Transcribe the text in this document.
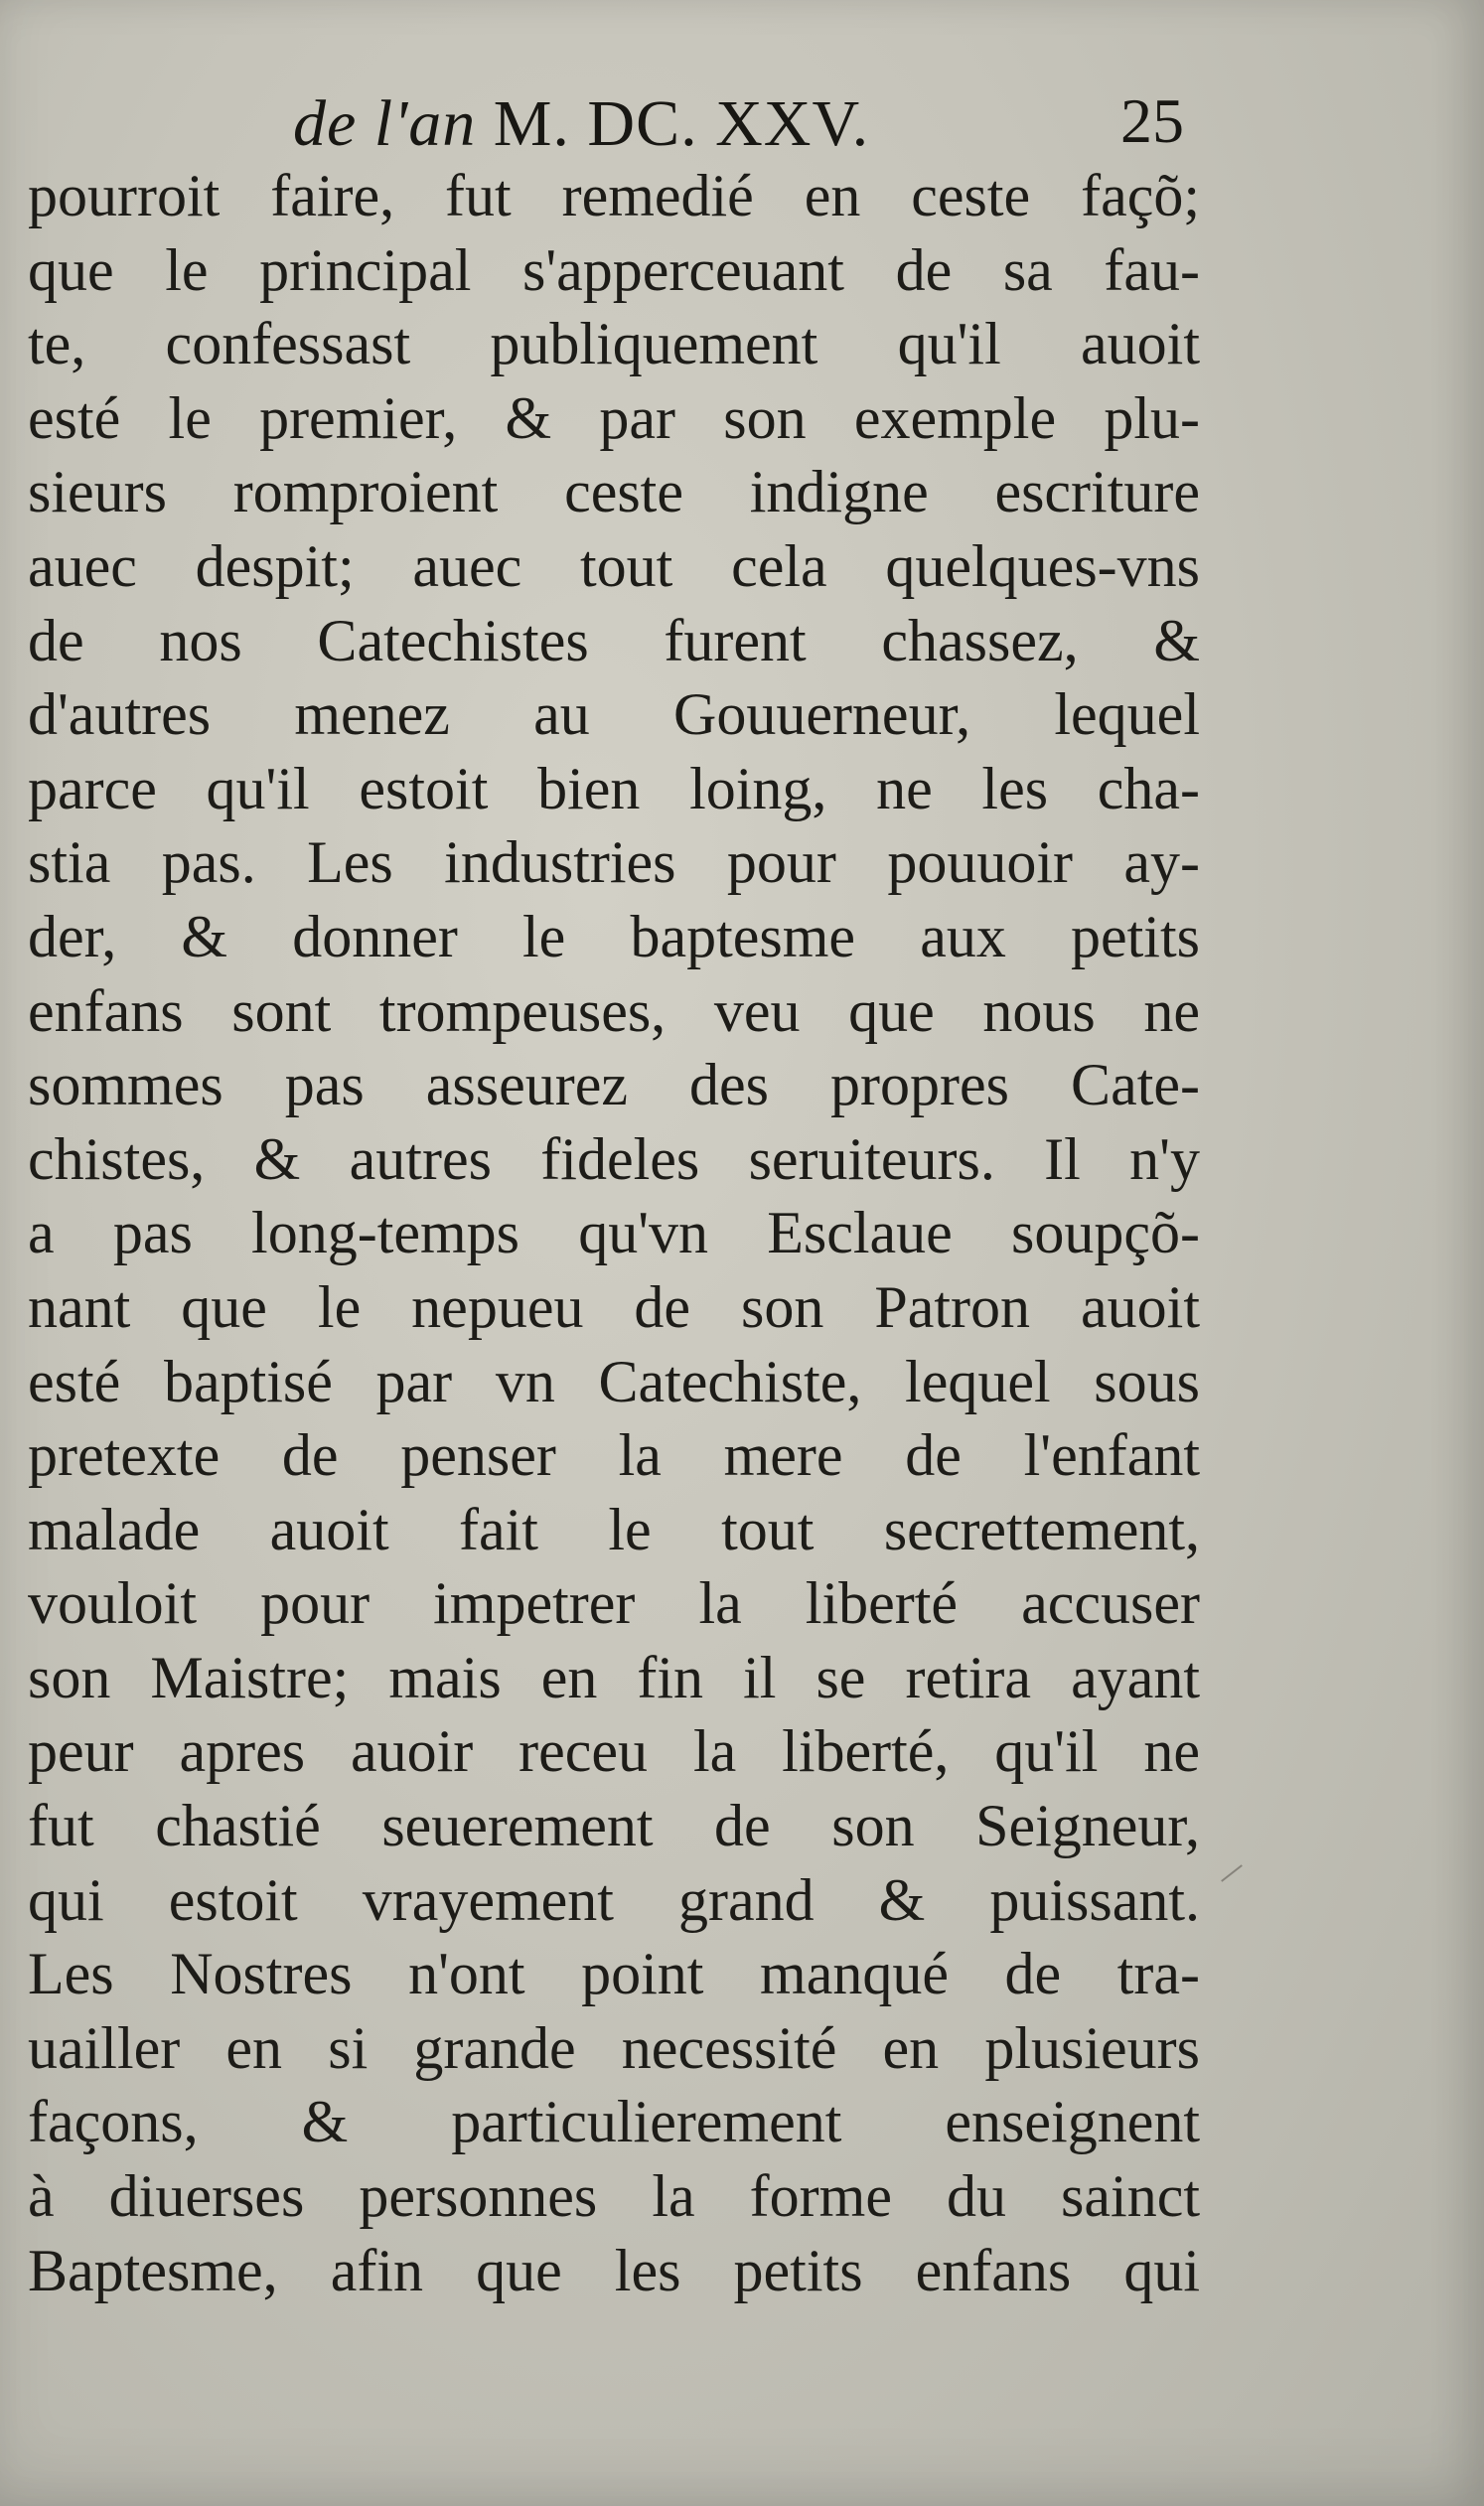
de l'an M. DC. XXV.	25
pourroit faire, fut remedié en ceste façõ;
que le principal s'apperceuant de sa fau-
te, confessast publiquement qu'il auoit
esté le premier, & par son exemple plu-
sieurs romproient ceste indigne escriture
auec despit; auec tout cela quelques-vns
de nos Catechistes furent chassez, &
d'autres menez au Gouuerneur, lequel
parce qu'il estoit bien loing, ne les cha-
stia pas. Les industries pour pouuoir ay-
der, & donner le baptesme aux petits
enfans sont trompeuses, veu que nous ne
sommes pas asseurez des propres Cate-
chistes, & autres fideles seruiteurs. Il n'y
a pas long-temps qu'vn Esclaue soupçõ-
nant que le nepueu de son Patron auoit
esté baptisé par vn Catechiste, lequel sous
pretexte de penser la mere de l'enfant
malade auoit fait le tout secrettement,
vouloit pour impetrer la liberté accuser
son Maistre; mais en fin il se retira ayant
peur apres auoir receu la liberté, qu'il ne
fut chastié seuerement de son Seigneur,
qui estoit vrayement grand & puissant.
Les Nostres n'ont point manqué de tra-
uailler en si grande necessité en plusieurs
façons, & particulierement enseignent
à diuerses personnes la forme du sainct
Baptesme, afin que les petits enfans qui
